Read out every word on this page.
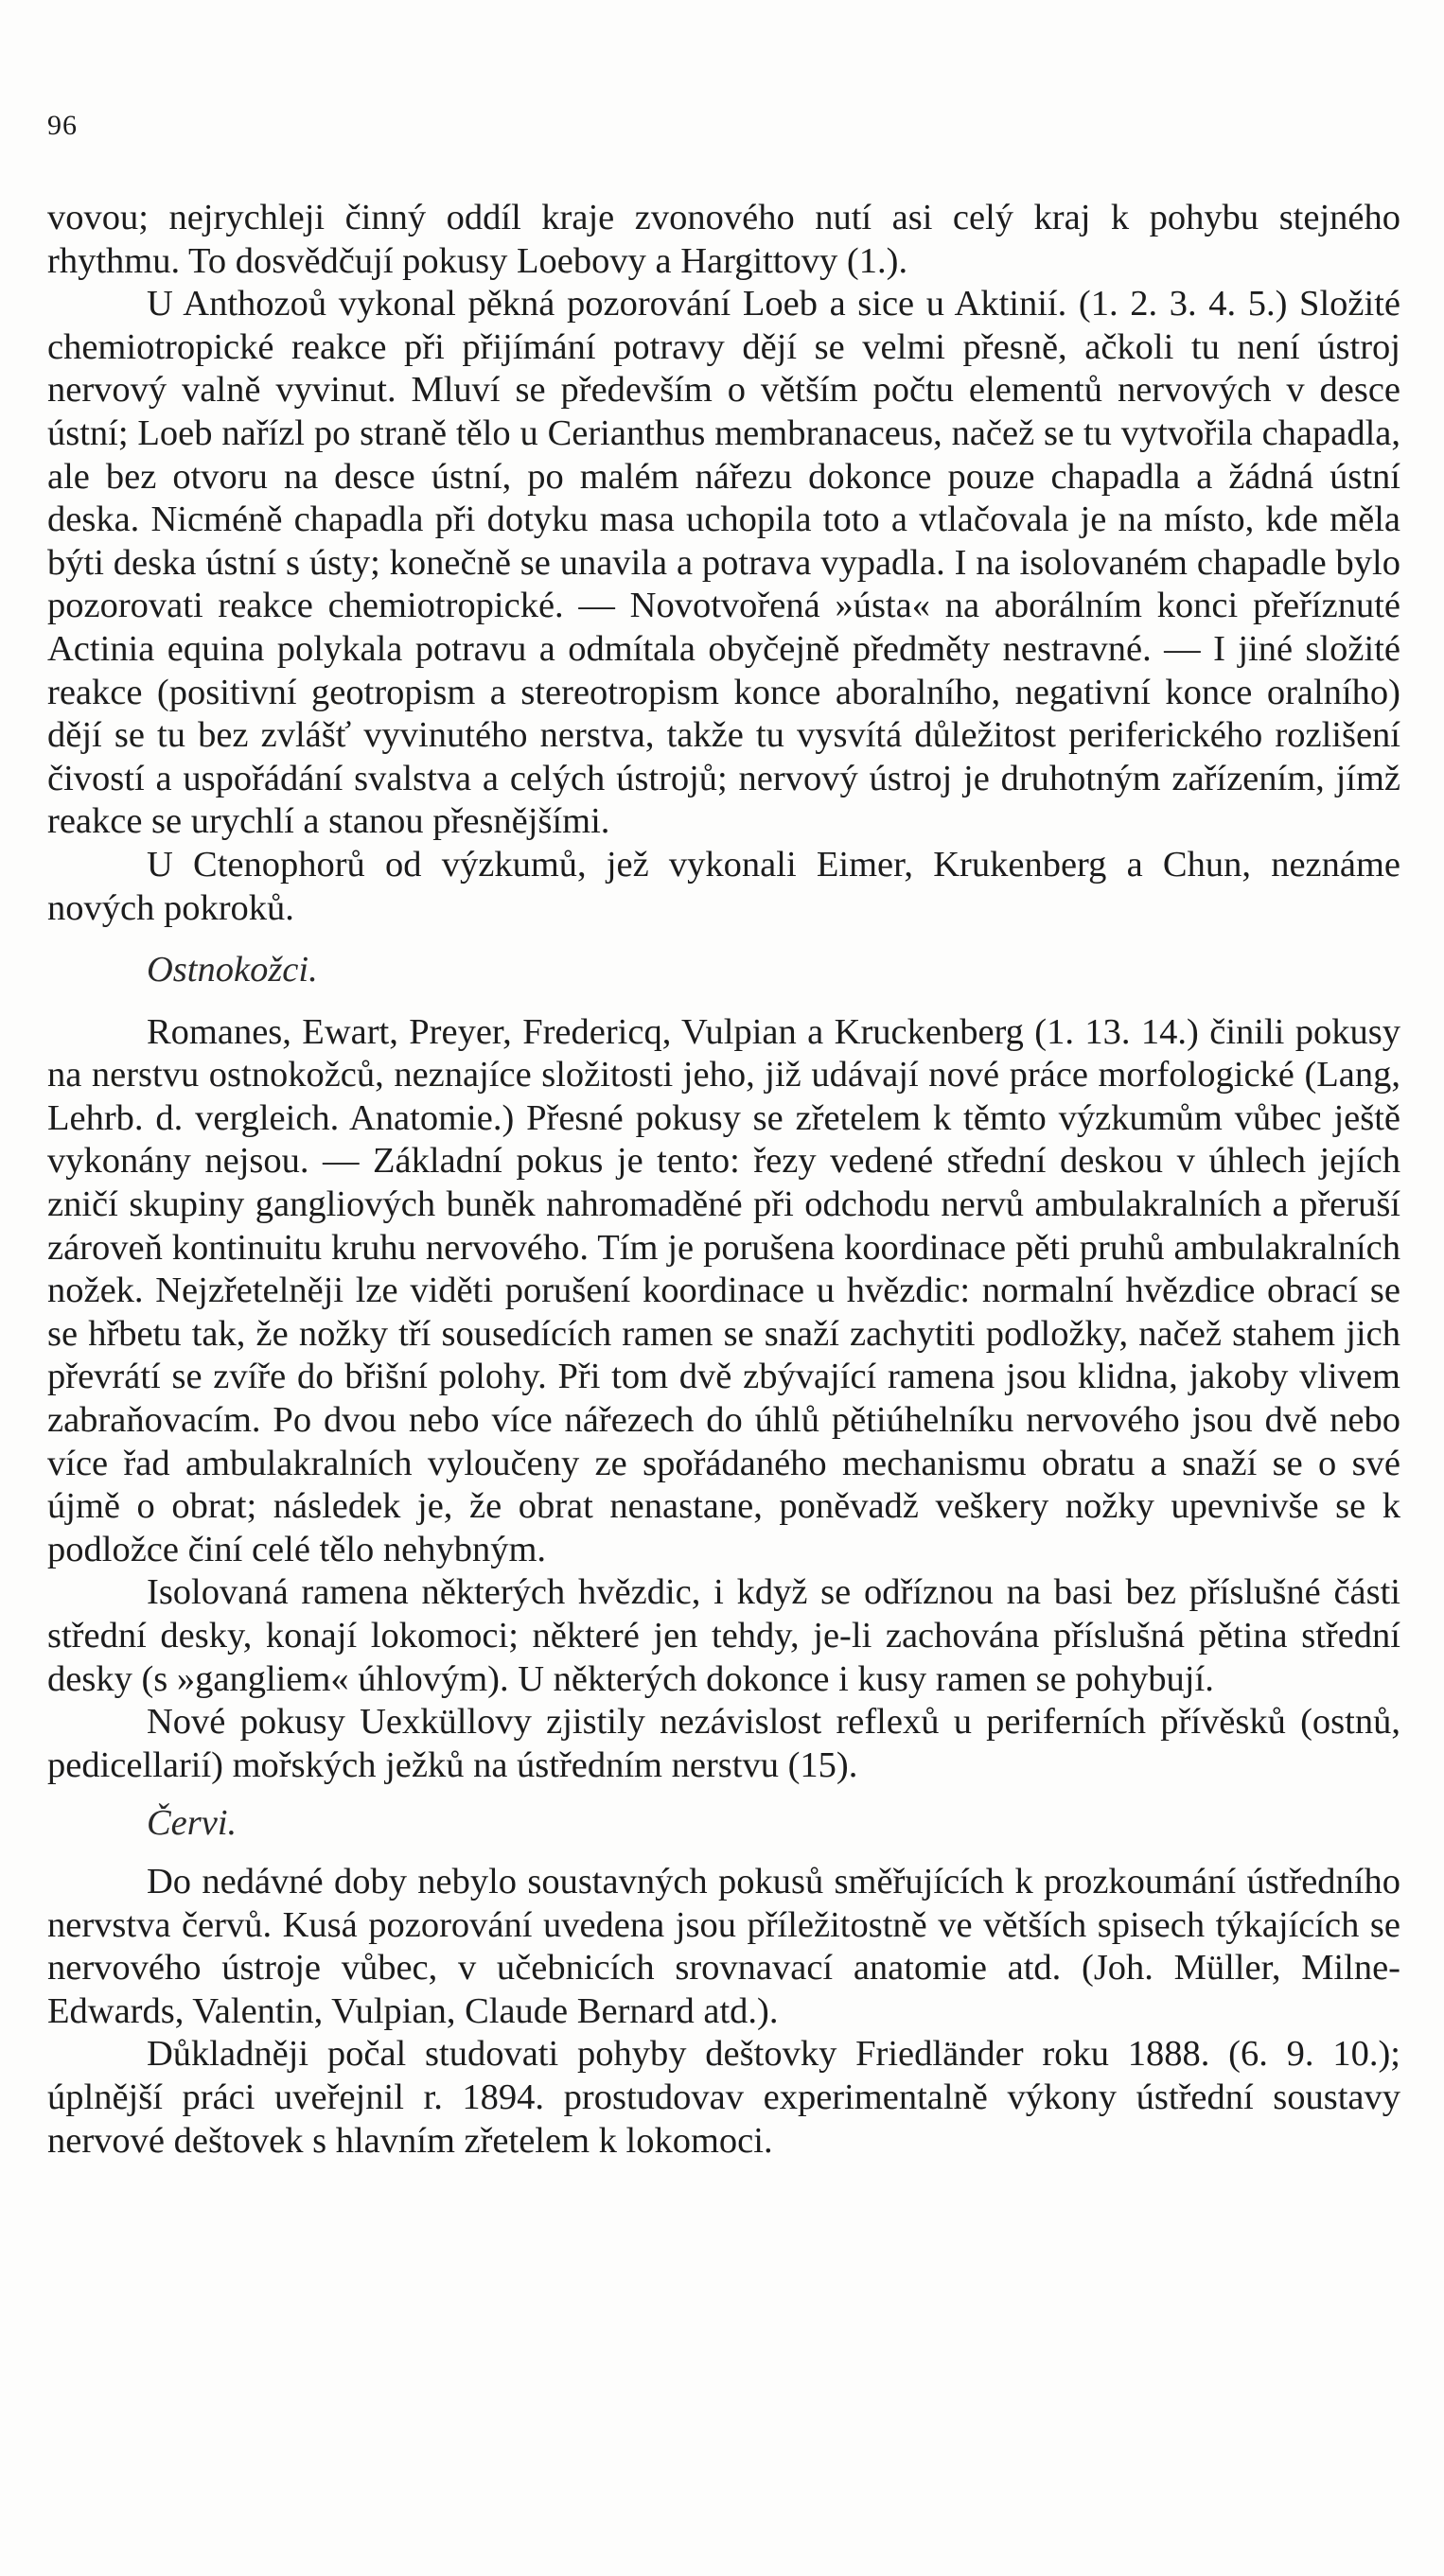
96

vovou; nejrychleji činný oddíl kraje zvonového nutí asi celý kraj k pohybu stejného rhythmu. To dosvědčují pokusy Loebovy a Hargittovy (1.).

U Anthozoů vykonal pěkná pozorování Loeb a sice u Aktinií. (1. 2. 3. 4. 5.) Složité chemiotropické reakce při přijímání potravy dějí se velmi přesně, ačkoli tu není ústroj nervový valně vyvinut. Mluví se především o větším počtu elementů nervových v desce ústní; Loeb nařízl po straně tělo u Cerianthus membranaceus, načež se tu vytvořila chapadla, ale bez otvoru na desce ústní, po malém nářezu dokonce pouze chapadla a žádná ústní deska. Nicméně chapadla při dotyku masa uchopila toto a vtlačovala je na místo, kde měla býti deska ústní s ústy; konečně se unavila a potrava vypadla. I na isolovaném chapadle bylo pozorovati reakce chemiotropické. — Novotvořená »ústa« na aborálním konci přeříznuté Actinia equina polykala potravu a odmítala obyčejně předměty nestravné. — I jiné složité reakce (positivní geotropism a stereotropism konce aboralního, negativní konce oralního) dějí se tu bez zvlášť vyvinutého nerstva, takže tu vysvítá důležitost periferického rozlišení čivostí a uspořádání svalstva a celých ústrojů; nervový ústroj je druhotným zařízením, jímž reakce se urychlí a stanou přesnějšími.

U Ctenophorů od výzkumů, jež vykonali Eimer, Krukenberg a Chun, neznáme nových pokroků.

Ostnokožci.

Romanes, Ewart, Preyer, Fredericq, Vulpian a Kruckenberg (1. 13. 14.) činili pokusy na nerstvu ostnokožců, neznajíce složitosti jeho, již udávají nové práce morfologické (Lang, Lehrb. d. vergleich. Anatomie.) Přesné pokusy se zřetelem k těmto výzkumům vůbec ještě vykonány nejsou. — Základní pokus je tento: řezy vedené střední deskou v úhlech jejích zničí skupiny gangliových buněk nahromaděné při odchodu nervů ambulakralních a přeruší zároveň kontinuitu kruhu nervového. Tím je porušena koordinace pěti pruhů ambulakralních nožek. Nejzřetelněji lze viděti porušení koordinace u hvězdic: normalní hvězdice obrací se se hřbetu tak, že nožky tří sousedících ramen se snaží zachytiti podložky, načež stahem jich převrátí se zvíře do břišní polohy. Při tom dvě zbývající ramena jsou klidna, jakoby vlivem zabraňovacím. Po dvou nebo více nářezech do úhlů pětiúhelníku nervového jsou dvě nebo více řad ambulakralních vyloučeny ze spořádaného mechanismu obratu a snaží se o své újmě o obrat; následek je, že obrat nenastane, poněvadž veškery nožky upevnivše se k podložce činí celé tělo nehybným.

Isolovaná ramena některých hvězdic, i když se odříznou na basi bez příslušné části střední desky, konají lokomoci; některé jen tehdy, je-li zachována příslušná pětina střední desky (s »gangliem« úhlovým). U některých dokonce i kusy ramen se pohybují.

Nové pokusy Uexküllovy zjistily nezávislost reflexů u periferních přívěsků (ostnů, pedicellarií) mořských ježků na ústředním nerstvu (15).

Červi.

Do nedávné doby nebylo soustavných pokusů směřujících k prozkoumání ústředního nervstva červů. Kusá pozorování uvedena jsou příležitostně ve větších spisech týkajících se nervového ústroje vůbec, v učebnicích srovnavací anatomie atd. (Joh. Müller, Milne-Edwards, Valentin, Vulpian, Claude Bernard atd.).

Důkladněji počal studovati pohyby deštovky Friedländer roku 1888. (6. 9. 10.); úplnější práci uveřejnil r. 1894. prostudovav experimentalně výkony ústřední soustavy nervové deštovek s hlavním zřetelem k lokomoci.
